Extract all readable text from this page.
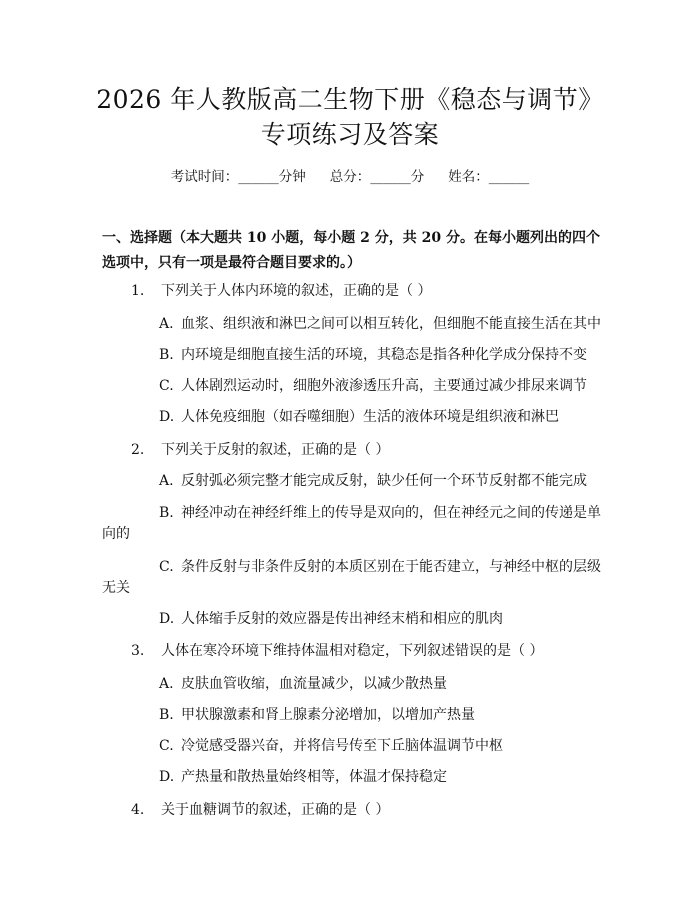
2026 年人教版高二生物下册《稳态与调节》
专项练习及答案
考试时间：______分钟 总分：______分 姓名：______
一、选择题（本大题共 10 小题，每小题 2 分，共 20 分。在每小题列出的四个选项中，只有一项是最符合题目要求的。）
1. 下列关于人体内环境的叙述，正确的是（ ）
A. 血浆、组织液和淋巴之间可以相互转化，但细胞不能直接生活在其中
B. 内环境是细胞直接生活的环境，其稳态是指各种化学成分保持不变
C. 人体剧烈运动时，细胞外液渗透压升高，主要通过减少排尿来调节
D. 人体免疫细胞（如吞噬细胞）生活的液体环境是组织液和淋巴
2. 下列关于反射的叙述，正确的是（ ）
A. 反射弧必须完整才能完成反射，缺少任何一个环节反射都不能完成
B. 神经冲动在神经纤维上的传导是双向的，但在神经元之间的传递是单
向的
C. 条件反射与非条件反射的本质区别在于能否建立，与神经中枢的层级
无关
D. 人体缩手反射的效应器是传出神经末梢和相应的肌肉
3. 人体在寒冷环境下维持体温相对稳定，下列叙述错误的是（ ）
A. 皮肤血管收缩，血流量减少，以减少散热量
B. 甲状腺激素和肾上腺素分泌增加，以增加产热量
C. 冷觉感受器兴奋，并将信号传至下丘脑体温调节中枢
D. 产热量和散热量始终相等，体温才保持稳定
4. 关于血糖调节的叙述，正确的是（ ）
